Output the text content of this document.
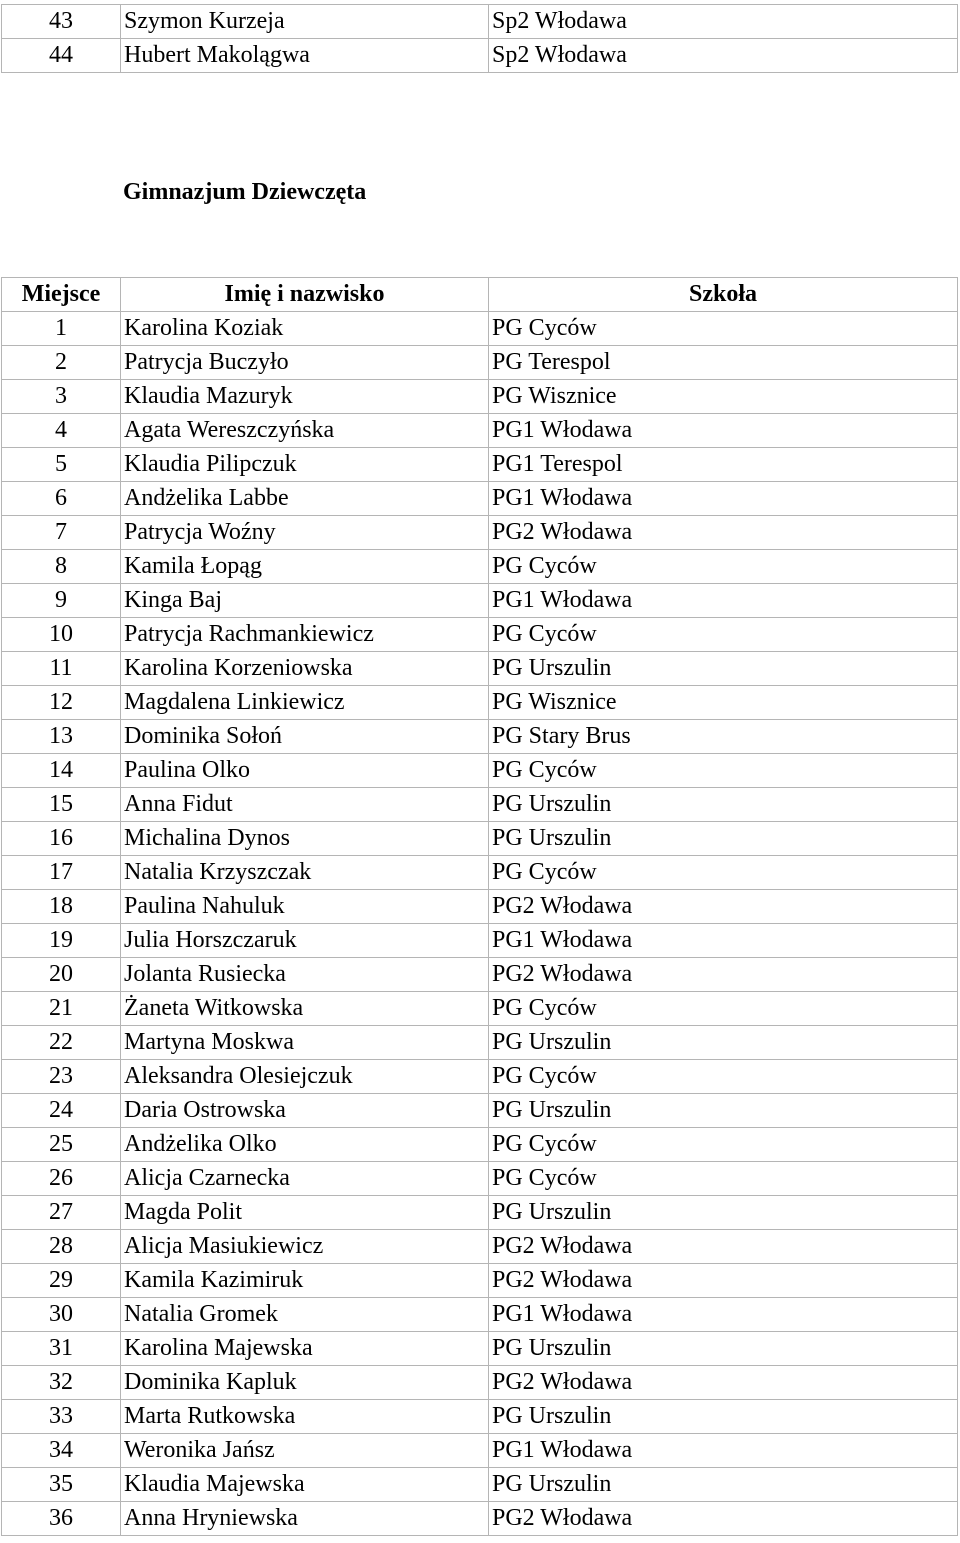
43	Szymon Kurzeja	Sp2 Włodawa
44	Hubert Makolągwa	Sp2 Włodawa
Gimnazjum Dziewczęta
Miejsce	Imię i nazwisko	Szkoła
1	Karolina Koziak	PG Cyców
2	Patrycja Buczyło	PG Terespol
3	Klaudia Mazuryk	PG Wisznice
4	Agata Wereszczyńska	PG1 Włodawa
5	Klaudia Pilipczuk	PG1 Terespol
6	Andżelika Labbe	PG1 Włodawa
7	Patrycja Woźny	PG2 Włodawa
8	Kamila Łopąg	PG Cyców
9	Kinga Baj	PG1 Włodawa
10	Patrycja Rachmankiewicz	PG Cyców
11	Karolina Korzeniowska	PG Urszulin
12	Magdalena Linkiewicz	PG Wisznice
13	Dominika Sołoń	PG Stary Brus
14	Paulina Olko	PG Cyców
15	Anna Fidut	PG Urszulin
16	Michalina Dynos	PG Urszulin
17	Natalia Krzyszczak	PG Cyców
18	Paulina Nahuluk	PG2 Włodawa
19	Julia Horszczaruk	PG1 Włodawa
20	Jolanta Rusiecka	PG2 Włodawa
21	Żaneta Witkowska	PG Cyców
22	Martyna Moskwa	PG Urszulin
23	Aleksandra Olesiejczuk	PG Cyców
24	Daria Ostrowska	PG Urszulin
25	Andżelika Olko	PG Cyców
26	Alicja Czarnecka	PG Cyców
27	Magda Polit	PG Urszulin
28	Alicja Masiukiewicz	PG2 Włodawa
29	Kamila Kazimiruk	PG2 Włodawa
30	Natalia Gromek	PG1 Włodawa
31	Karolina Majewska	PG Urszulin
32	Dominika Kapluk	PG2 Włodawa
33	Marta Rutkowska	PG Urszulin
34	Weronika Jańsz	PG1 Włodawa
35	Klaudia Majewska	PG Urszulin
36	Anna Hryniewska	PG2 Włodawa
